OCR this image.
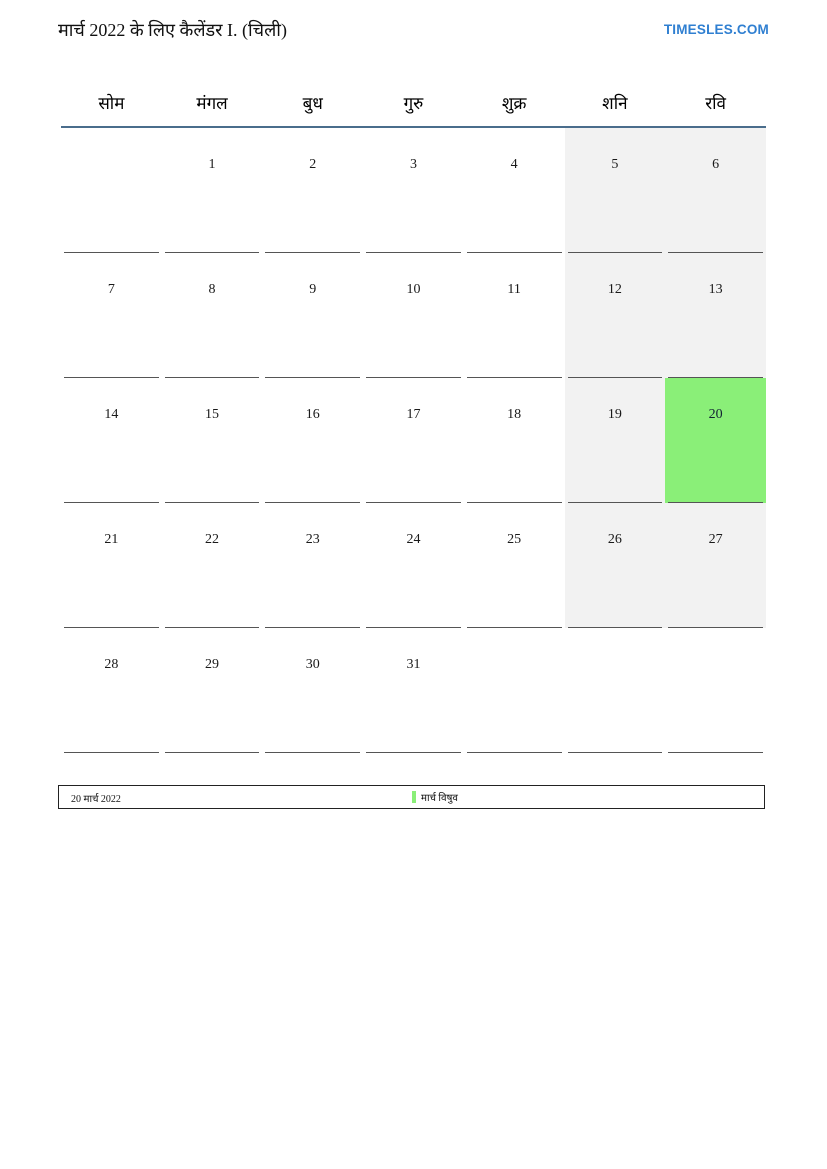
मार्च 2022 के लिए कैलेंडर I. (चिली)	TIMESLES.COM
सोम	मंगल	बुध	गुरु	शुक्र	शनि	रवि

	1	2	3	4	5	6

7	8	9	10	11	12	13

14	15	16	17	18	19	20

21	22	23	24	25	26	27

28	29	30	31			

20 मार्च 2022	मार्च विषुव
